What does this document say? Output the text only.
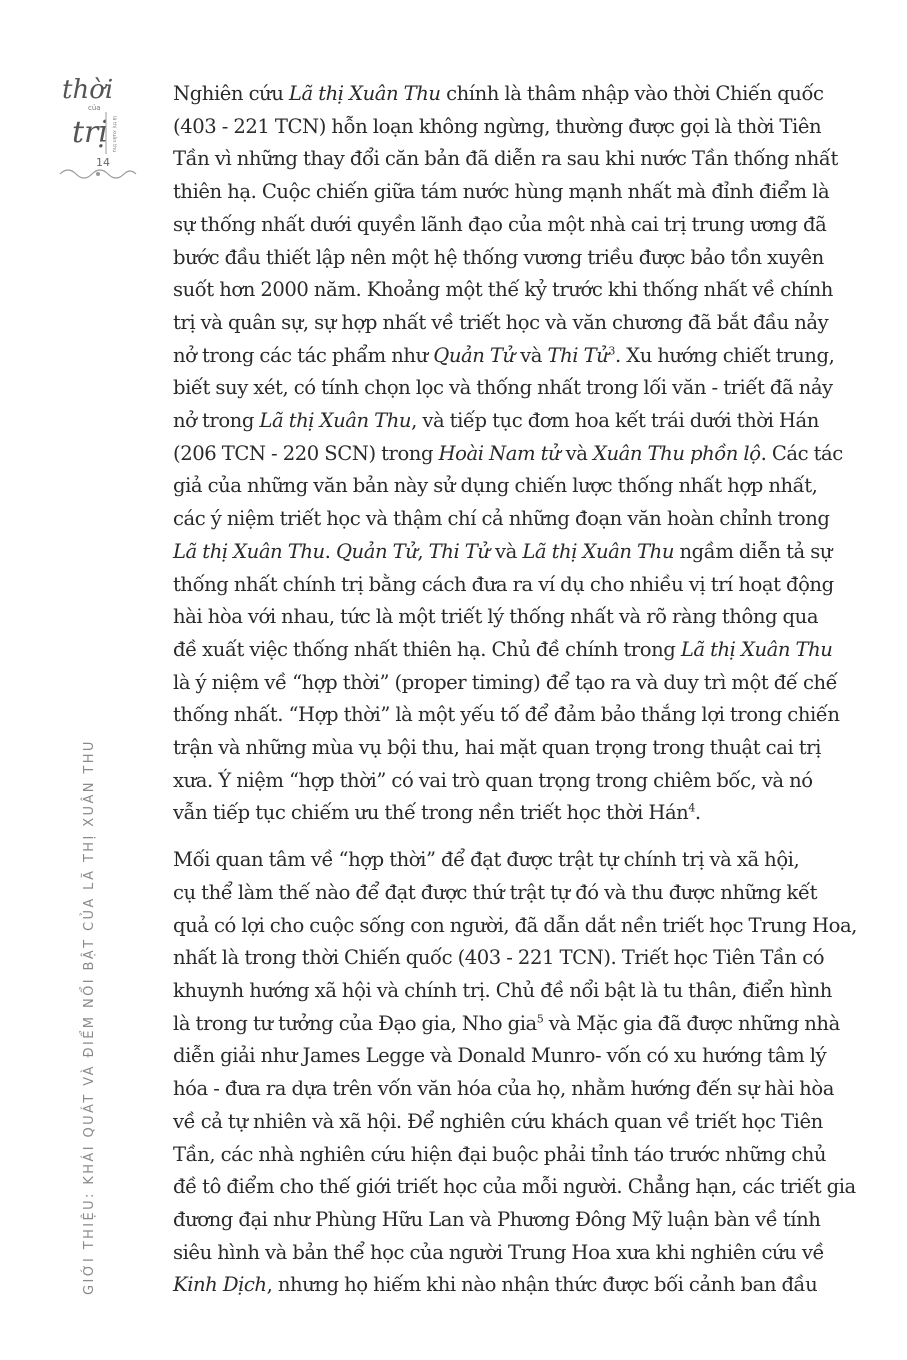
thời
của
trị
14
lã thị xuân thu
GIỚI THIỆU: KHÁI QUÁT VÀ ĐIỂM NỔI BẬT CỦA LÃ THỊ XUÂN THU
Nghiên cứu Lã thị Xuân Thu chính là thâm nhập vào thời Chiến quốc
(403 - 221 TCN) hỗn loạn không ngừng, thường được gọi là thời Tiên
Tần vì những thay đổi căn bản đã diễn ra sau khi nước Tần thống nhất
thiên hạ. Cuộc chiến giữa tám nước hùng mạnh nhất mà đỉnh điểm là
sự thống nhất dưới quyền lãnh đạo của một nhà cai trị trung ương đã
bước đầu thiết lập nên một hệ thống vương triều được bảo tồn xuyên
suốt hơn 2000 năm. Khoảng một thế kỷ trước khi thống nhất về chính
trị và quân sự, sự hợp nhất về triết học và văn chương đã bắt đầu nảy
nở trong các tác phẩm như Quản Tử và Thi Tử$^3$. Xu hướng chiết trung,
biết suy xét, có tính chọn lọc và thống nhất trong lối văn - triết đã nảy
nở trong Lã thị Xuân Thu, và tiếp tục đơm hoa kết trái dưới thời Hán
(206 TCN - 220 SCN) trong Hoài Nam tử và Xuân Thu phồn lộ. Các tác
giả của những văn bản này sử dụng chiến lược thống nhất hợp nhất,
các ý niệm triết học và thậm chí cả những đoạn văn hoàn chỉnh trong
Lã thị Xuân Thu. Quản Tử, Thi Tử và Lã thị Xuân Thu ngầm diễn tả sự
thống nhất chính trị bằng cách đưa ra ví dụ cho nhiều vị trí hoạt động
hài hòa với nhau, tức là một triết lý thống nhất và rõ ràng thông qua
đề xuất việc thống nhất thiên hạ. Chủ đề chính trong Lã thị Xuân Thu
là ý niệm về “hợp thời” (proper timing) để tạo ra và duy trì một đế chế
thống nhất. “Hợp thời” là một yếu tố để đảm bảo thắng lợi trong chiến
trận và những mùa vụ bội thu, hai mặt quan trọng trong thuật cai trị
xưa. Ý niệm “hợp thời” có vai trò quan trọng trong chiêm bốc, và nó
vẫn tiếp tục chiếm ưu thế trong nền triết học thời Hán$^4$.
Mối quan tâm về “hợp thời” để đạt được trật tự chính trị và xã hội,
cụ thể làm thế nào để đạt được thứ trật tự đó và thu được những kết
quả có lợi cho cuộc sống con người, đã dẫn dắt nền triết học Trung Hoa,
nhất là trong thời Chiến quốc (403 - 221 TCN). Triết học Tiên Tần có
khuynh hướng xã hội và chính trị. Chủ đề nổi bật là tu thân, điển hình
là trong tư tưởng của Đạo gia, Nho gia$^5$ và Mặc gia đã được những nhà
diễn giải như James Legge và Donald Munro- vốn có xu hướng tâm lý
hóa - đưa ra dựa trên vốn văn hóa của họ, nhằm hướng đến sự hài hòa
về cả tự nhiên và xã hội. Để nghiên cứu khách quan về triết học Tiên
Tần, các nhà nghiên cứu hiện đại buộc phải tỉnh táo trước những chủ
đề tô điểm cho thế giới triết học của mỗi người. Chẳng hạn, các triết gia
đương đại như Phùng Hữu Lan và Phương Đông Mỹ luận bàn về tính
siêu hình và bản thể học của người Trung Hoa xưa khi nghiên cứu về
Kinh Dịch, nhưng họ hiếm khi nào nhận thức được bối cảnh ban đầu
